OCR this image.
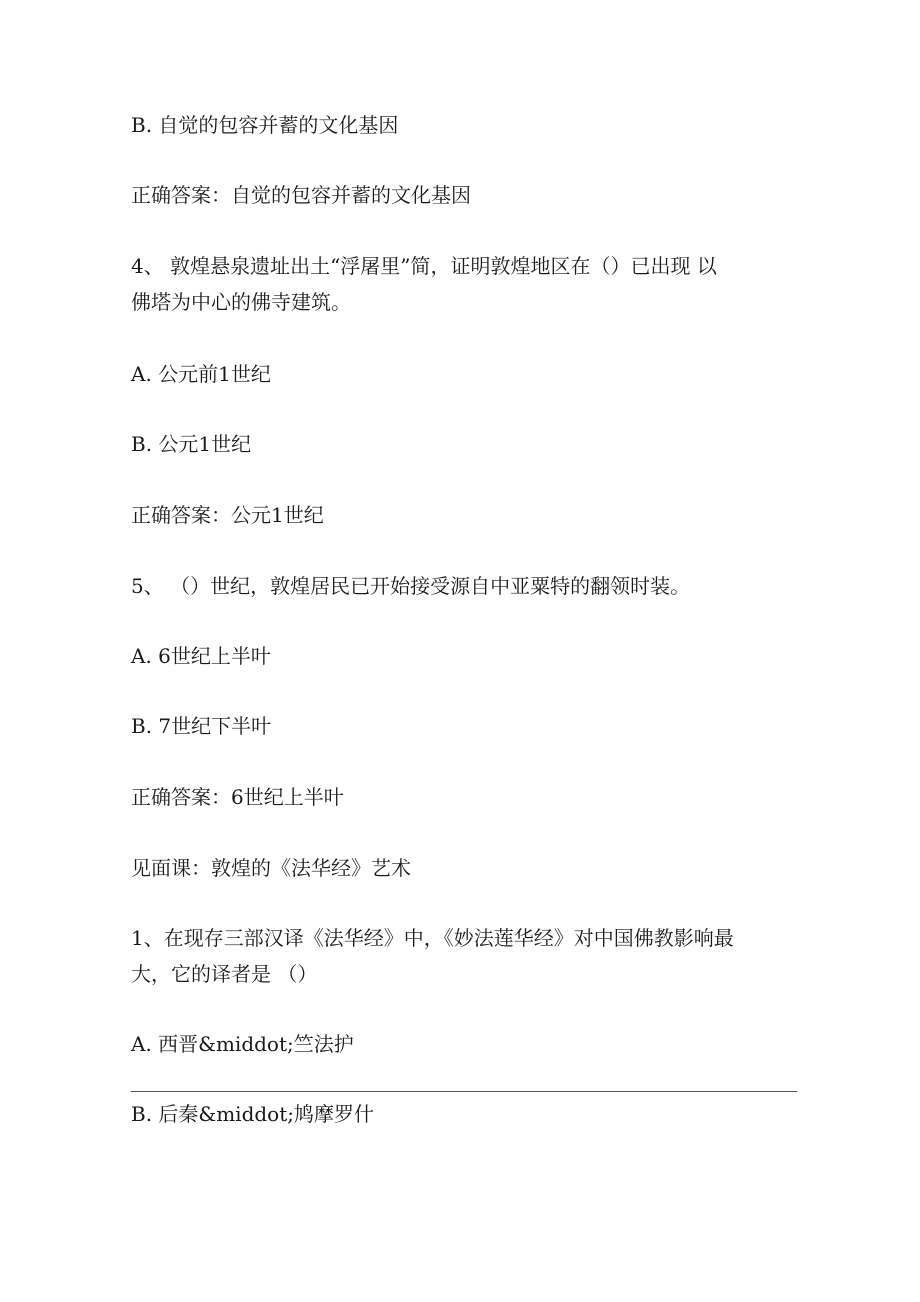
B. 自觉的包容并蓄的文化基因
正确答案：自觉的包容并蓄的文化基因
4、 敦煌悬泉遗址出土“浮屠里”简，证明敦煌地区在（）已出现 以
佛塔为中心的佛寺建筑。
A. 公元前1世纪
B. 公元1世纪
正确答案：公元1世纪
5、 （）世纪，敦煌居民已开始接受源自中亚粟特的翻领时装。
A. 6世纪上半叶
B. 7世纪下半叶
正确答案：6世纪上半叶
见面课：敦煌的《法华经》艺术
1、在现存三部汉译《法华经》中，《妙法莲华经》对中国佛教影响最
大，它的译者是 （）
A. 西晋&middot;竺法护
B. 后秦&middot;鸠摩罗什
